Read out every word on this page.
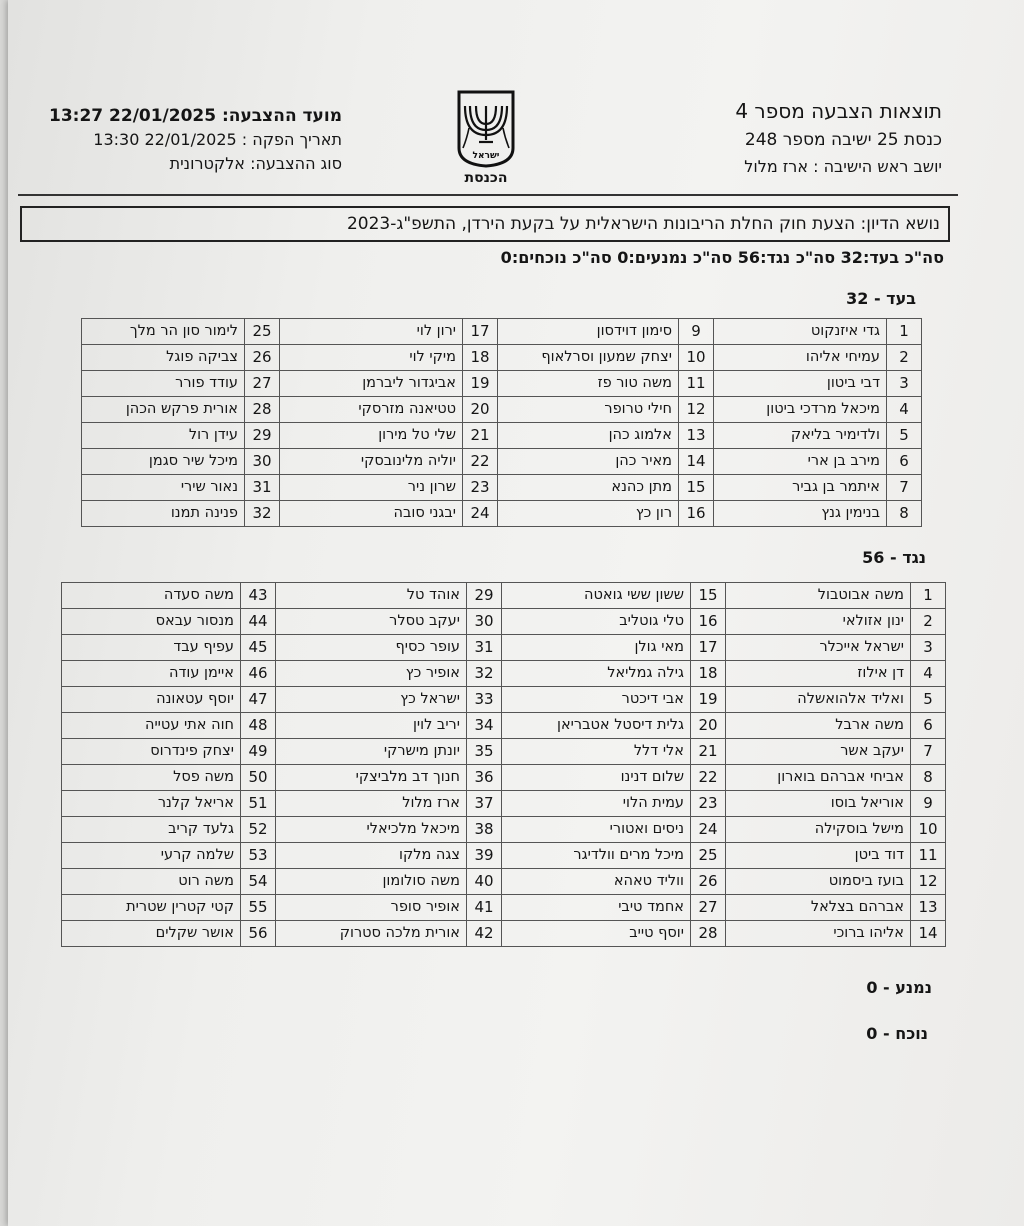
תוצאות הצבעה מספר 4
כנסת 25 ישיבה מספר 248
יושב ראש הישיבה : ארז מלול
ישראל
הכנסת
מועד ההצבעה: 22/01/2025 13:27
תאריך הפקה : 22/01/2025 13:30
סוג ההצבעה: אלקטרונית
נושא הדיון: הצעת חוק החלת הריבונות הישראלית על בקעת הירדן, התשפ"ג-2023
סה"כ בעד:32 סה"כ נגד:56 סה"כ נמנעים:0 סה"כ נוכחים:0
בעד - 32
1	גדי איזנקוט	9	סימון דוידסון	17	ירון לוי	25	לימור סון הר מלך
2	עמיחי אליהו	10	יצחק שמעון וסרלאוף	18	מיקי לוי	26	צביקה פוגל
3	דבי ביטון	11	משה טור פז	19	אביגדור ליברמן	27	עודד פורר
4	מיכאל מרדכי ביטון	12	חילי טרופר	20	טטיאנה מזרסקי	28	אורית פרקש הכהן
5	ולדימיר בליאק	13	אלמוג כהן	21	שלי טל מירון	29	עידן רול
6	מירב בן ארי	14	מאיר כהן	22	יוליה מלינובסקי	30	מיכל שיר סגמן
7	איתמר בן גביר	15	מתן כהנא	23	שרון ניר	31	נאור שירי
8	בנימין גנץ	16	רון כץ	24	יבגני סובה	32	פנינה תמנו
נגד - 56
1	משה אבוטבול	15	ששון ששי גואטה	29	אוהד טל	43	משה סעדה
2	ינון אזולאי	16	טלי גוטליב	30	יעקב טסלר	44	מנסור עבאס
3	ישראל אייכלר	17	מאי גולן	31	עופר כסיף	45	עפיף עבד
4	דן אילוז	18	גילה גמליאל	32	אופיר כץ	46	איימן עודה
5	ואליד אלהואשלה	19	אבי דיכטר	33	ישראל כץ	47	יוסף עטאונה
6	משה ארבל	20	גלית דיסטל אטבריאן	34	יריב לוין	48	חוה אתי עטייה
7	יעקב אשר	21	אלי דלל	35	יונתן מישרקי	49	יצחק פינדרוס
8	אביחי אברהם בוארון	22	שלום דנינו	36	חנוך דב מלביצקי	50	משה פסל
9	אוריאל בוסו	23	עמית הלוי	37	ארז מלול	51	אריאל קלנר
10	מישל בוסקילה	24	ניסים ואטורי	38	מיכאל מלכיאלי	52	גלעד קריב
11	דוד ביטן	25	מיכל מרים וולדיגר	39	צגה מלקו	53	שלמה קרעי
12	בועז ביסמוט	26	ווליד טאהא	40	משה סולומון	54	משה רוט
13	אברהם בצלאל	27	אחמד טיבי	41	אופיר סופר	55	קטי קטרין שטרית
14	אליהו ברוכי	28	יוסף טייב	42	אורית מלכה סטרוק	56	אושר שקלים
נמנע - 0
נוכח - 0
